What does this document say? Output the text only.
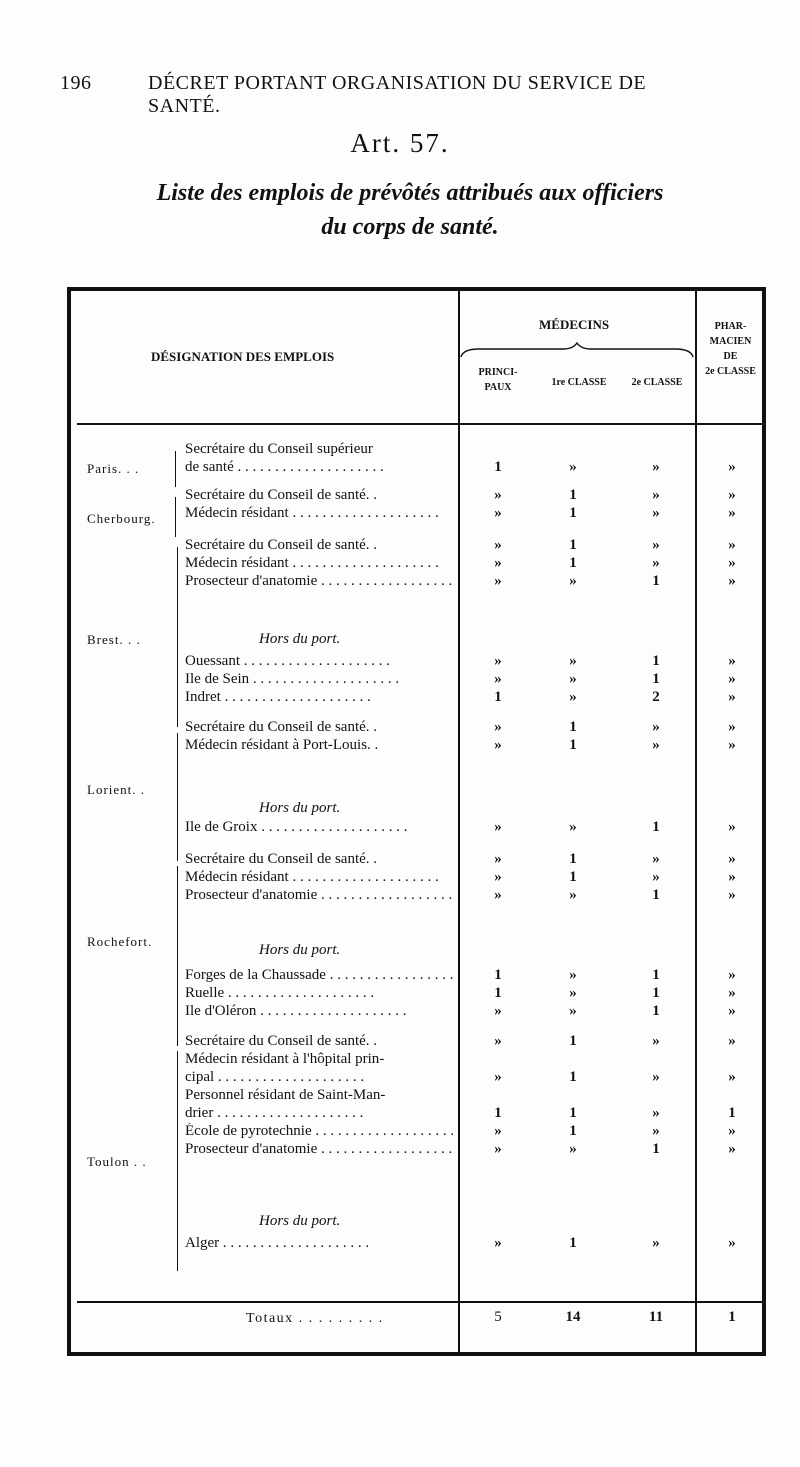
196	DÉCRET PORTANT ORGANISATION DU SERVICE DE SANTÉ.
Art. 57.
Liste des emplois de prévôtés attribués aux officiers
du corps de santé.
DÉSIGNATION DES EMPLOIS
MÉDECINS
PRINCI-
PAUX	1re CLASSE	2e CLASSE
PHAR-
MACIEN
DE
2e CLASSE
Paris. . .
Cherbourg.
Brest. . .
Lorient. .
Rochefort.
Toulon . .
Hors du port.
Hors du port.
Hors du port.
Hors du port.
Secrétaire du Conseil supérieur
de santé . . .	1	»	»	»
Secrétaire du Conseil de santé. .	»	1	»	»
Médecin résidant . . .	»	1	»	»
Secrétaire du Conseil de santé. .	»	1	»	»
Médecin résidant . . .	»	1	»	»
Prosecteur d'anatomie . . .	»	»	1	»
Ouessant . . .	»	»	1	»
Ile de Sein . . .	»	»	1	»
Indret . . .	1	»	2	»
Secrétaire du Conseil de santé. .	»	1	»	»
Médecin résidant à Port-Louis. .	»	1	»	»
Ile de Groix . . .	»	»	1	»
Secrétaire du Conseil de santé. .	»	1	»	»
Médecin résidant . . .	»	1	»	»
Prosecteur d'anatomie . . .	»	»	1	»
Forges de la Chaussade . . .	1	»	1	»
Ruelle . . .	1	»	1	»
Ile d'Oléron . . .	»	»	1	»
Secrétaire du Conseil de santé. .	»	1	»	»
Médecin résidant à l'hôpital prin-
cipal . . .	»	1	»	»
Personnel résidant de Saint-Man-
drier . . .	1	1	»	1
École de pyrotechnie . . .	»	1	»	»
Prosecteur d'anatomie . . .	»	»	1	»
Alger . . .	»	1	»	»
Totaux . . . . . . . . .	5	14	11	1
